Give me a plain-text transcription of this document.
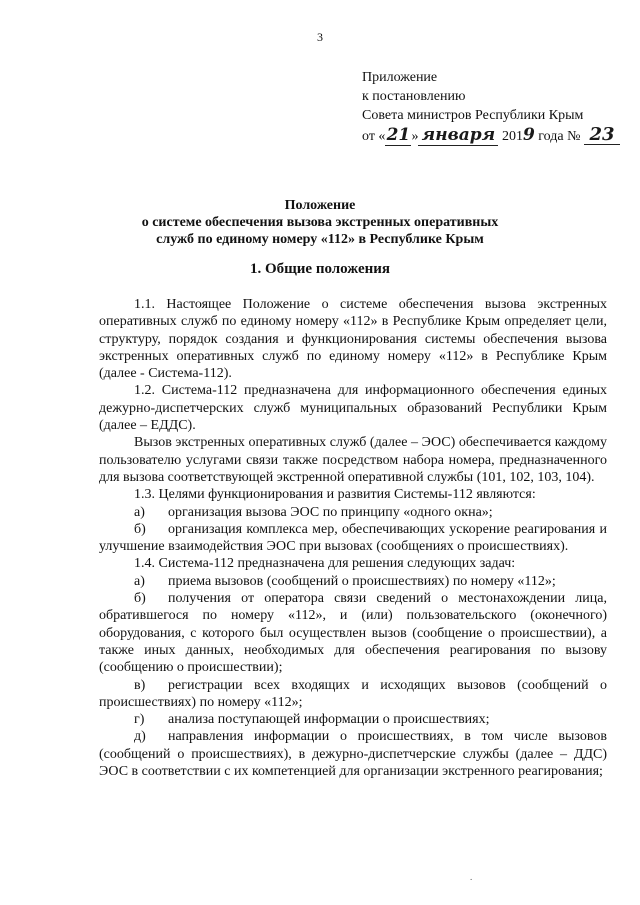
3
Приложение
к постановлению
Совета министров Республики Крым
от «21» января 2019 года № 23
Положение
о системе обеспечения вызова экстренных оперативных
служб по единому номеру «112» в Республике Крым
1. Общие положения

1.1. Настоящее Положение о системе обеспечения вызова экстренных оперативных служб по единому номеру «112» в Республике Крым определяет цели, структуру, порядок создания и функционирования системы обеспечения вызова экстренных оперативных служб по единому номеру «112» в Республике Крым (далее - Система-112).

1.2. Система-112 предназначена для информационного обеспечения единых дежурно-диспетчерских служб муниципальных образований Республики Крым (далее – ЕДДС).

Вызов экстренных оперативных служб (далее – ЭОС) обеспечивается каждому пользователю услугами связи также посредством набора номера, предназначенного для вызова соответствующей экстренной оперативной службы (101, 102, 103, 104).

1.3. Целями функционирования и развития Системы-112 являются:

а) организация вызова ЭОС по принципу «одного окна»;

б) организация комплекса мер, обеспечивающих ускорение реагирования и улучшение взаимодействия ЭОС при вызовах (сообщениях о происшествиях).

1.4. Система-112 предназначена для решения следующих задач:

а) приема вызовов (сообщений о происшествиях) по номеру «112»;

б) получения от оператора связи сведений о местонахождении лица, обратившегося по номеру «112», и (или) пользовательского (оконечного) оборудования, с которого был осуществлен вызов (сообщение о происшествии), а также иных данных, необходимых для обеспечения реагирования по вызову (сообщению о происшествии);

в) регистрации всех входящих и исходящих вызовов (сообщений о происшествиях) по номеру «112»;

г) анализа поступающей информации о происшествиях;

д) направления информации о происшествиях, в том числе вызовов (сообщений о происшествиях), в дежурно-диспетчерские службы (далее – ДДС) ЭОС в соответствии с их компетенцией для организации экстренного реагирования;

.
